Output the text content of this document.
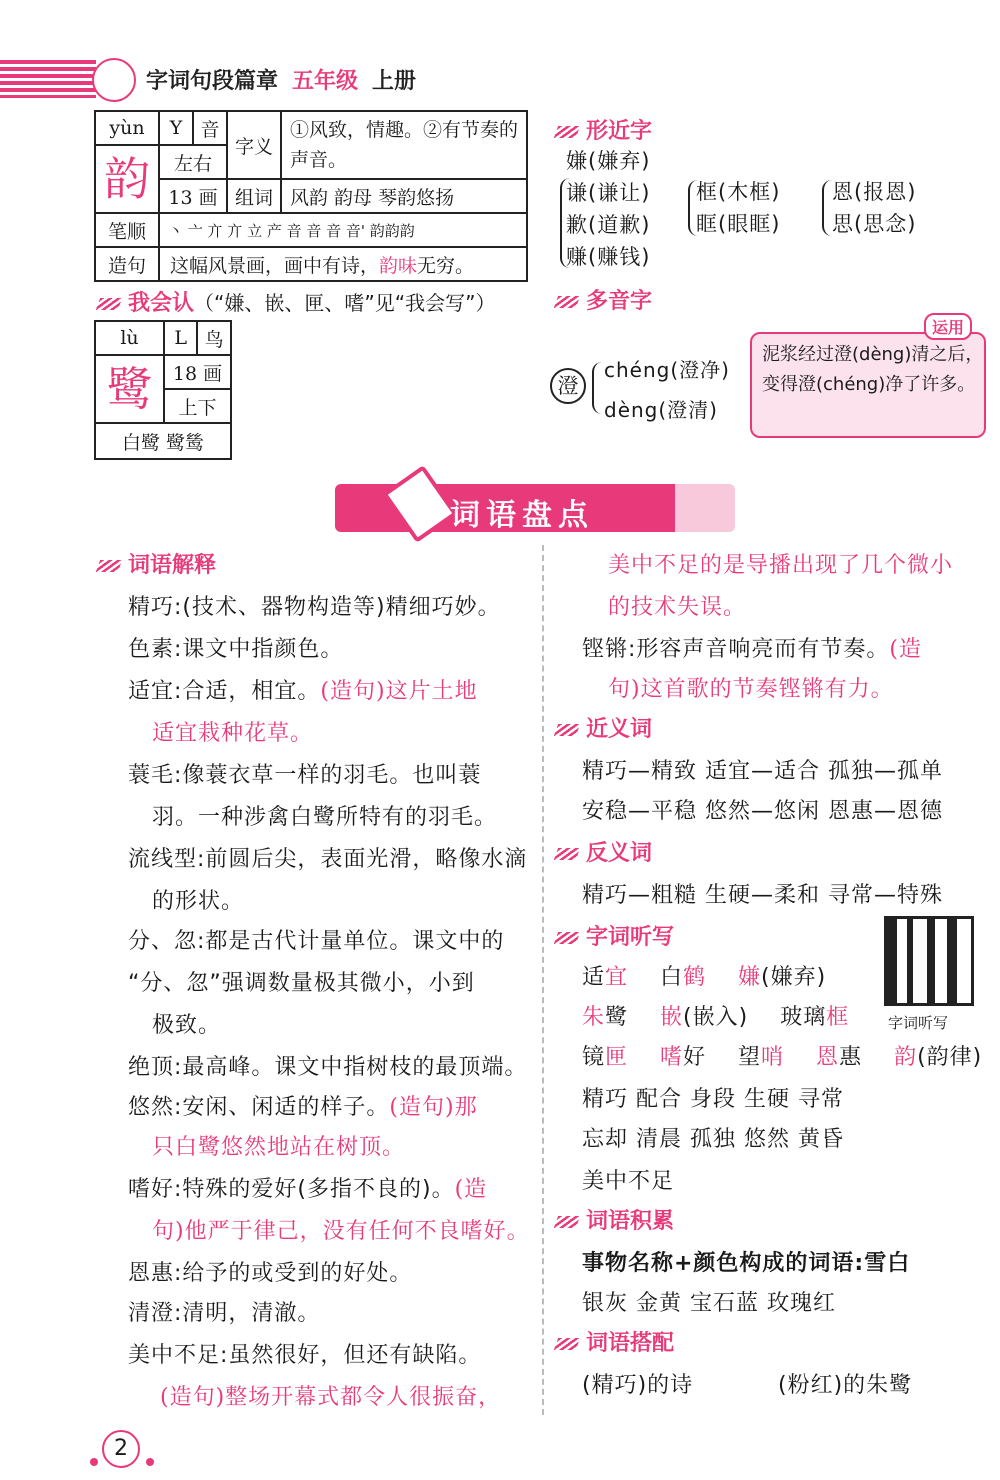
字词句段篇章 五年级 上册
yùn	Y	音	字义	①风致，情趣。②有节奏的声音。
韵	左右			
	13 画		组词	风韵 韵母 琴韵悠扬
笔顺	丶 亠 亣 亣 立 产 音 音 音 音' 韵韵韵			
造句	这幅风景画，画中有诗，韵味无穷。			
我会认（“嫌、嵌、匣、嗜”见“我会写”）
lù	L	鸟
鹭	18 画	
	上下	
白鹭 鹭鸶		
形近字
嫌(嫌弃)
谦(谦让)
歉(道歉)
赚(赚钱)
框(木框)
眶(眼眶)
恩(报恩)
思(思念)
多音字
澄
chéng(澄净)
dèng(澄清)
运用
泥浆经过澄(dèng)清之后，变得澄(chéng)净了许多。
词语盘点
词语解释
精巧:(技术、器物构造等)精细巧妙。
色素:课文中指颜色。
适宜:合适，相宜。(造句)这片土地
适宜栽种花草。
蓑毛:像蓑衣草一样的羽毛。也叫蓑
羽。一种涉禽白鹭所特有的羽毛。
流线型:前圆后尖，表面光滑，略像水滴
的形状。
分、忽:都是古代计量单位。课文中的
“分、忽”强调数量极其微小，小到
极致。
绝顶:最高峰。课文中指树枝的最顶端。
悠然:安闲、闲适的样子。(造句)那
只白鹭悠然地站在树顶。
嗜好:特殊的爱好(多指不良的)。(造
句)他严于律己，没有任何不良嗜好。
恩惠:给予的或受到的好处。
清澄:清明，清澈。
美中不足:虽然很好，但还有缺陷。
(造句)整场开幕式都令人很振奋，
美中不足的是导播出现了几个微小
的技术失误。
铿锵:形容声音响亮而有节奏。(造
句)这首歌的节奏铿锵有力。
近义词
精巧—精致 适宜—适合 孤独—孤单
安稳—平稳 悠然—悠闲 恩惠—恩德
反义词
精巧—粗糙 生硬—柔和 寻常—特殊
字词听写
字词听写
适宜 白鹤 嫌(嫌弃)
朱鹭 嵌(嵌入) 玻璃框
镜匣 嗜好 望哨 恩惠 韵(韵律)
精巧 配合 身段 生硬 寻常
忘却 清晨 孤独 悠然 黄昏
美中不足
词语积累
事物名称+颜色构成的词语:雪白
银灰 金黄 宝石蓝 玫瑰红
词语搭配
(精巧)的诗	(粉红)的朱鹭
2
